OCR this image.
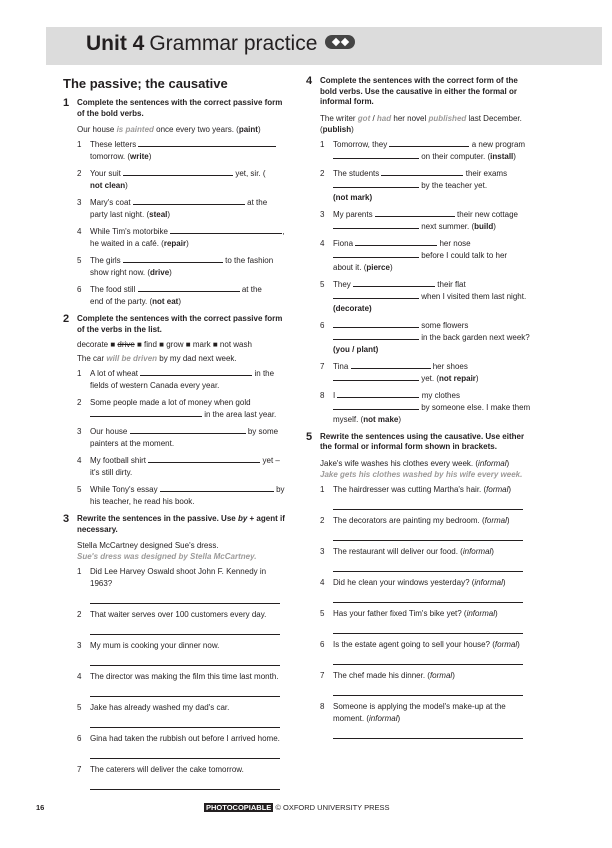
Unit 4 Grammar practice
The passive; the causative
1 Complete the sentences with the correct passive form of the bold verbs.
Our house is painted once every two years. (paint)
1 These letters
tomorrow. (write)
2 Your suit	yet, sir. (
not clean)
3 Mary's coat	at the
party last night. (steal)
4 While Tim's motorbike	,
he waited in a café. (repair)
5 The girls	to the fashion
show right now. (drive)
6 The food still	at the
end of the party. (not eat)
2 Complete the sentences with the correct passive form of the verbs in the list.
decorate ■ drive ■ find ■ grow ■ mark ■ not wash
The car will be driven by my dad next week.
1 A lot of wheat	in the
fields of western Canada every year.
2 Some people made a lot of money when gold
in the area last year.
3 Our house	by some
painters at the moment.
4 My football shirt	yet –
it's still dirty.
5 While Tony's essay	by
his teacher, he read his book.
3 Rewrite the sentences in the passive. Use by + agent if necessary.
Stella McCartney designed Sue's dress.
Sue's dress was designed by Stella McCartney.
1 Did Lee Harvey Oswald shoot John F. Kennedy in 1963?
2 That waiter serves over 100 customers every day.
3 My mum is cooking your dinner now.
4 The director was making the film this time last month.
5 Jake has already washed my dad's car.
6 Gina had taken the rubbish out before I arrived home.
7 The caterers will deliver the cake tomorrow.
4 Complete the sentences with the correct form of the bold verbs. Use the causative in either the formal or informal form.
The writer got / had her novel published last December. (publish)
1 Tomorrow, they	a new program
on their computer. (install)
2 The students	their exams
by the teacher yet.
(not mark)
3 My parents	their new cottage
next summer. (build)
4 Fiona	her nose
before I could talk to her
about it. (pierce)
5 They	their flat
when I visited them last night.
(decorate)
6	some flowers
in the back garden next week?
(you / plant)
7 Tina	her shoes
yet. (not repair)
8 I	my clothes
by someone else. I make them
myself. (not make)
5 Rewrite the sentences using the causative. Use either the formal or informal form shown in brackets.
Jake's wife washes his clothes every week. (informal)
Jake gets his clothes washed by his wife every week.
1 The hairdresser was cutting Martha's hair. (formal)
2 The decorators are painting my bedroom. (formal)
3 The restaurant will deliver our food. (informal)
4 Did he clean your windows yesterday? (informal)
5 Has your father fixed Tim's bike yet? (informal)
6 Is the estate agent going to sell your house? (formal)
7 The chef made his dinner. (formal)
8 Someone is applying the model's make-up at the moment. (informal)
16	PHOTOCOPIABLE © OXFORD UNIVERSITY PRESS
